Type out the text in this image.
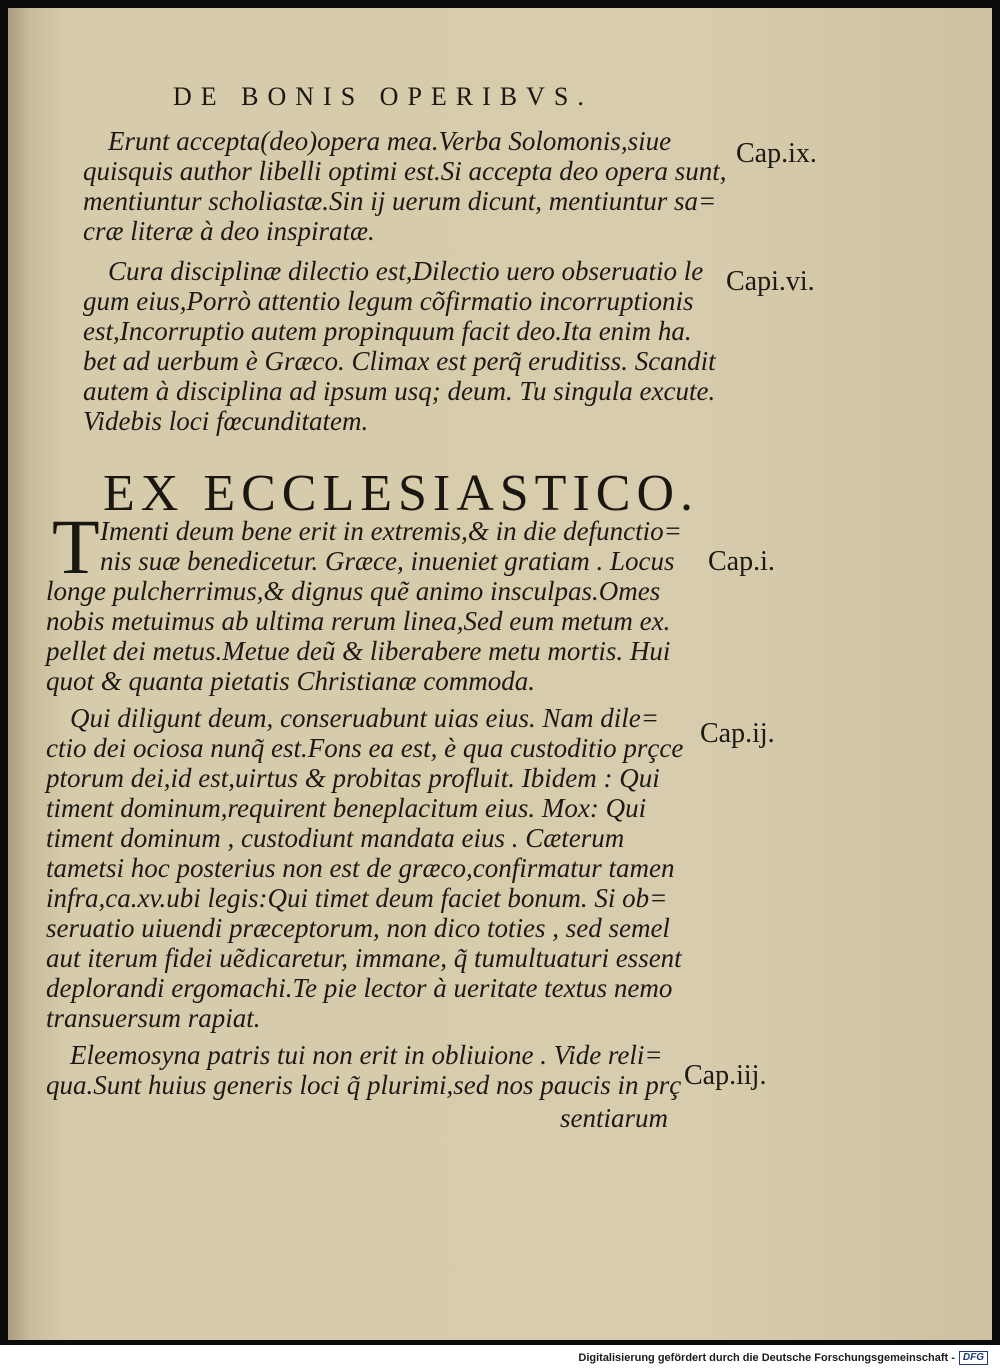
DE BONIS OPERIBVS.
Erunt accepta(deo)opera mea.Verba Solomonis,siue
quisquis author libelli optimi est.Si accepta deo opera sunt,
mentiuntur scholiastæ.Sin ij uerum dicunt, mentiuntur sa=
cræ literæ à deo inspiratæ.
Cura disciplinæ dilectio est,Dilectio uero obseruatio le
gum eius,Porrò attentio legum cõfirmatio incorruptionis
est,Incorruptio autem propinquum facit deo.Ita enim ha.
bet ad uerbum è Græco. Climax est perq̃ eruditiss. Scandit
autem à disciplina ad ipsum usq; deum. Tu singula excute.
Videbis loci fœcunditatem.
EX ECCLESIASTICO.
T Imenti deum bene erit in extremis,& in die defunctio=
nis suæ benedicetur. Græce, inueniet gratiam . Locus
longe pulcherrimus,& dignus quẽ animo insculpas.Omes
nobis metuimus ab ultima rerum linea,Sed eum metum ex.
pellet dei metus.Metue deũ & liberabere metu mortis. Hui
quot & quanta pietatis Christianæ commoda.
Qui diligunt deum, conseruabunt uias eius. Nam dile=
ctio dei ociosa nunq̃ est.Fons ea est, è qua custoditio prçce
ptorum dei,id est,uirtus & probitas profluit. Ibidem : Qui
timent dominum,requirent beneplacitum eius. Mox: Qui
timent dominum , custodiunt mandata eius . Cæterum
tametsi hoc posterius non est de græco,confirmatur tamen
infra,ca.xv.ubi legis:Qui timet deum faciet bonum. Si ob=
seruatio uiuendi præceptorum, non dico toties , sed semel
aut iterum fidei uẽdicaretur, immane, q̃ tumultuaturi essent
deplorandi ergomachi.Te pie lector à ueritate textus nemo
transuersum rapiat.
Eleemosyna patris tui non erit in obliuione . Vide reli=
qua.Sunt huius generis loci q̃ plurimi,sed nos paucis in prç
sentiarum
Cap.ix.
Capi.vi.
Cap.i.
Cap.ij.
Cap.iij.
Digitalisierung gefördert durch die Deutsche Forschungsgemeinschaft - DFG
